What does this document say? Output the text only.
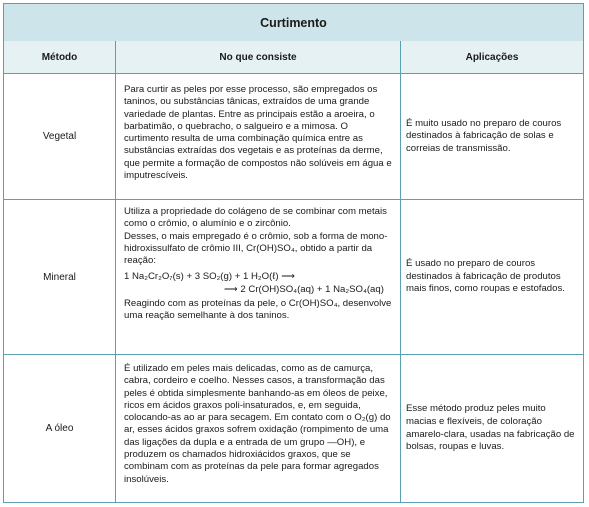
Curtimento
Método	No que consiste	Aplicações
Vegetal
Para curtir as peles por esse processo, são empregados os taninos, ou substâncias tânicas, extraídos de uma grande variedade de plantas. Entre as principais estão a aroeira, o barbatimão, o quebracho, o salgueiro e a mimosa. O curtimento resulta de uma combinação química entre as substâncias extraídas dos vegetais e as proteínas da derme, que permite a formação de compostos não solúveis em água e imputrescíveis.
É muito usado no preparo de couros destinados à fabricação de solas e correias de transmissão.
Mineral

Utiliza a propriedade do colágeno de se combinar com metais como o crômio, o alumínio e o zircônio.

Desses, o mais empregado é o crômio, sob a forma de mono-hidroxissulfato de crômio III, Cr(OH)SO₄, obtido a partir da reação:

1 Na₂Cr₂O₇(s) + 3 SO₂(g) + 1 H₂O(ℓ) ⟶
⟶ 2 Cr(OH)SO₄(aq) + 1 Na₂SO₄(aq)

Reagindo com as proteínas da pele, o Cr(OH)SO₄, desenvolve uma reação semelhante à dos taninos.

É usado no preparo de couros destinados à fabricação de produtos mais finos, como roupas e estofados.
A óleo
É utilizado em peles mais delicadas, como as de camurça, cabra, cordeiro e coelho. Nesses casos, a transformação das peles é obtida simplesmente banhando-as em óleos de peixe, ricos em ácidos graxos poli-insaturados, e, em seguida, colocando-as ao ar para secagem. Em contato com o O₂(g) do ar, esses ácidos graxos sofrem oxidação (rompimento de uma das ligações da dupla e a entrada de um grupo —OH), e produzem os chamados hidroxiácidos graxos, que se combinam com as proteínas da pele para formar agregados insolúveis.
Esse método produz peles muito macias e flexíveis, de coloração amarelo-clara, usadas na fabricação de bolsas, roupas e luvas.
